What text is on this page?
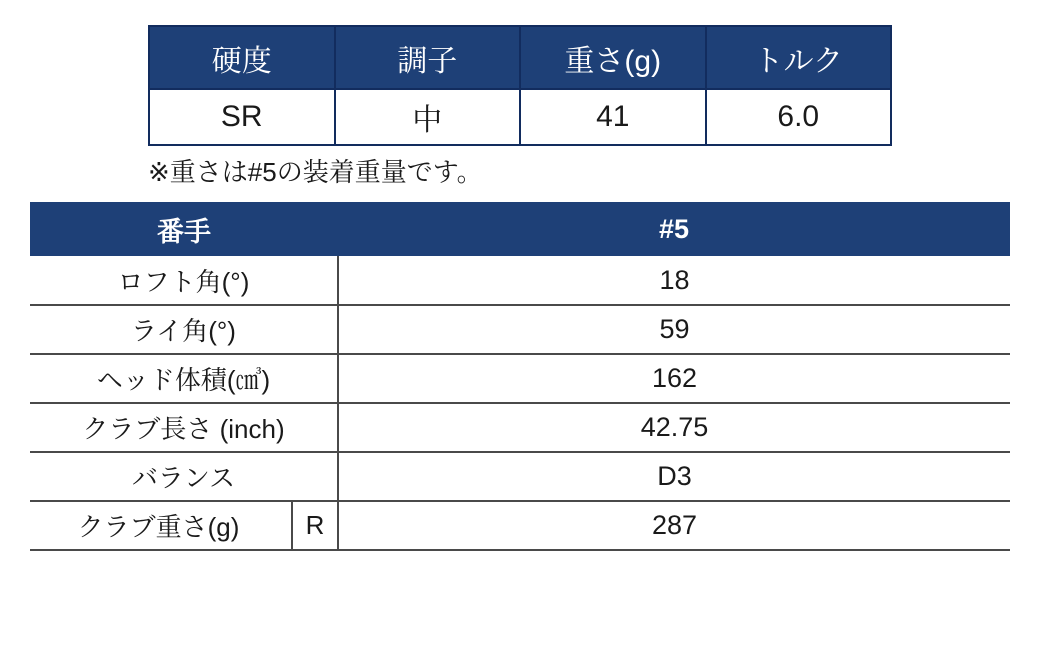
硬度	調子	重さ(g)	トルク
SR	中	41	6.0
※重さは#5の装着重量です。
番手		#5
ロフト角(°)		18
ライ角(°)		59
ヘッド体積(㎤)		162
クラブ長さ (inch)		42.75
バランス		D3
クラブ重さ(g)	R	287
